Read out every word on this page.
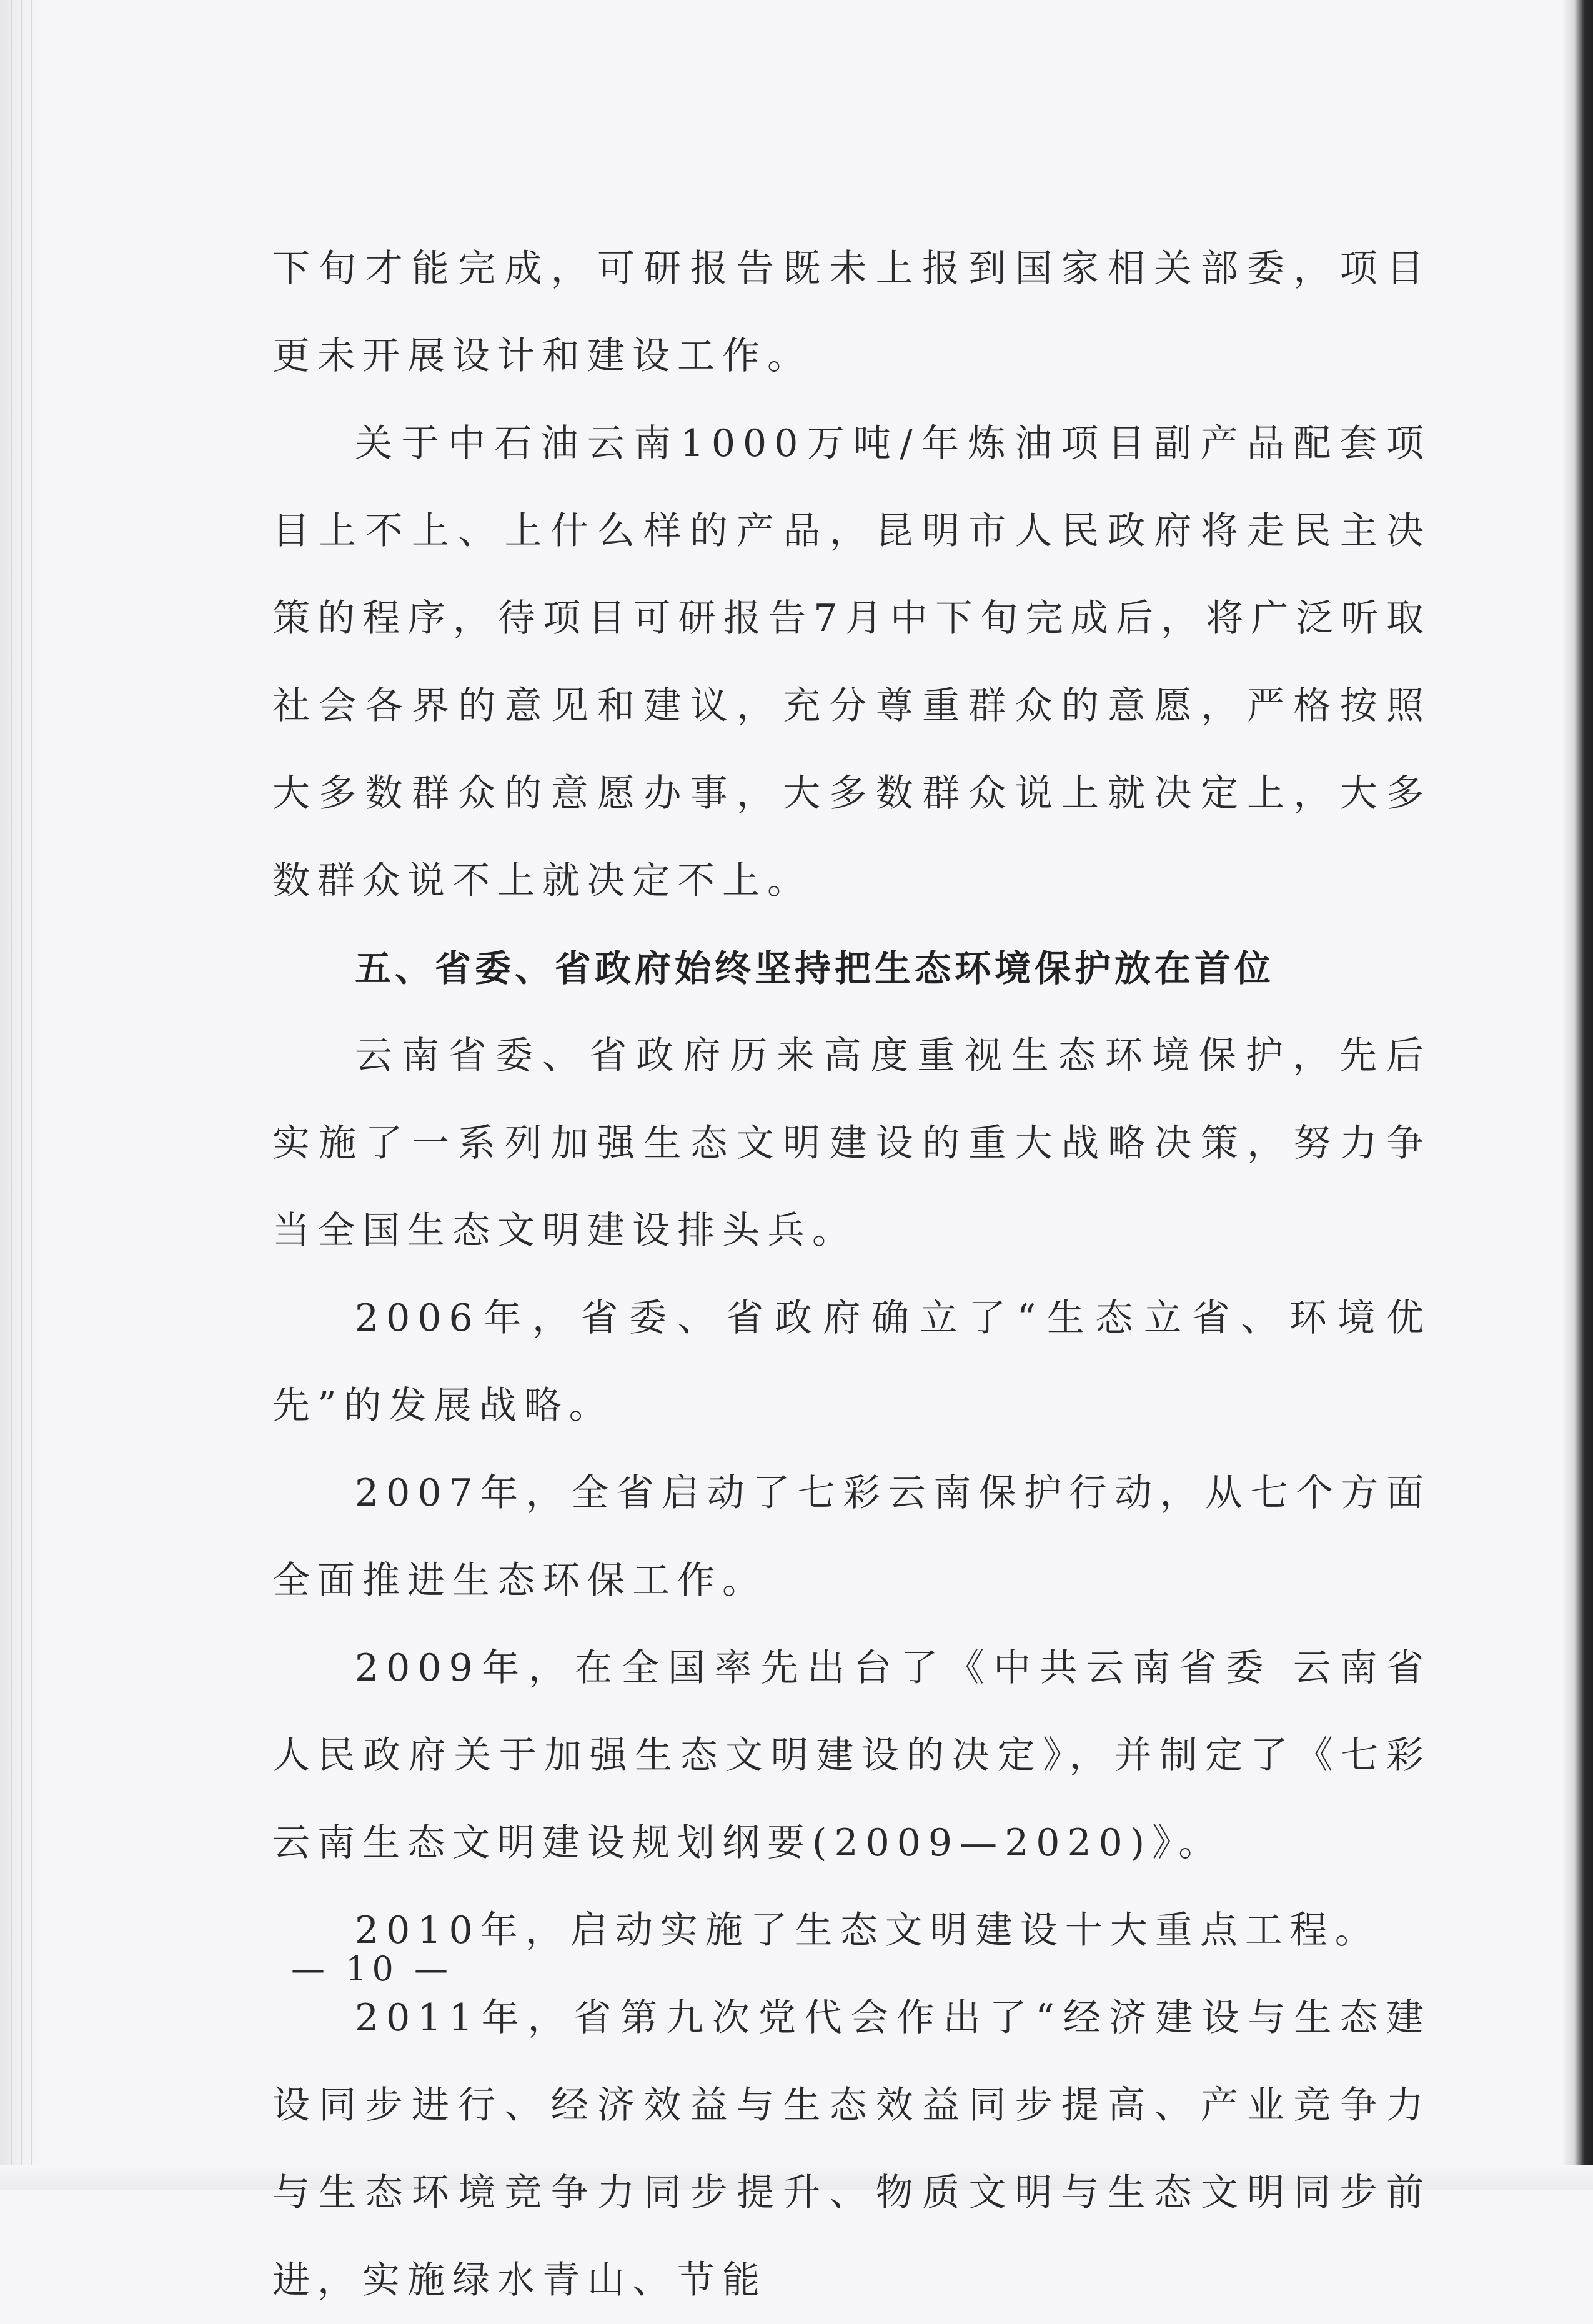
下旬才能完成，可研报告既未上报到国家相关部委，项目更未开展设计和建设工作。

关于中石油云南1000万吨/年炼油项目副产品配套项目上不上、上什么样的产品，昆明市人民政府将走民主决策的程序，待项目可研报告7月中下旬完成后，将广泛听取社会各界的意见和建议，充分尊重群众的意愿，严格按照大多数群众的意愿办事，大多数群众说上就决定上，大多数群众说不上就决定不上。

五、省委、省政府始终坚持把生态环境保护放在首位

云南省委、省政府历来高度重视生态环境保护，先后实施了一系列加强生态文明建设的重大战略决策，努力争当全国生态文明建设排头兵。

2006年，省委、省政府确立了“生态立省、环境优先”的发展战略。

2007年，全省启动了七彩云南保护行动，从七个方面全面推进生态环保工作。

2009年，在全国率先出台了《中共云南省委 云南省人民政府关于加强生态文明建设的决定》，并制定了《七彩云南生态文明建设规划纲要(2009—2020)》。

2010年，启动实施了生态文明建设十大重点工程。

2011年，省第九次党代会作出了“经济建设与生态建设同步进行、经济效益与生态效益同步提高、产业竞争力与生态环境竞争力同步提升、物质文明与生态文明同步前进，实施绿水青山、节能

— 10 —
